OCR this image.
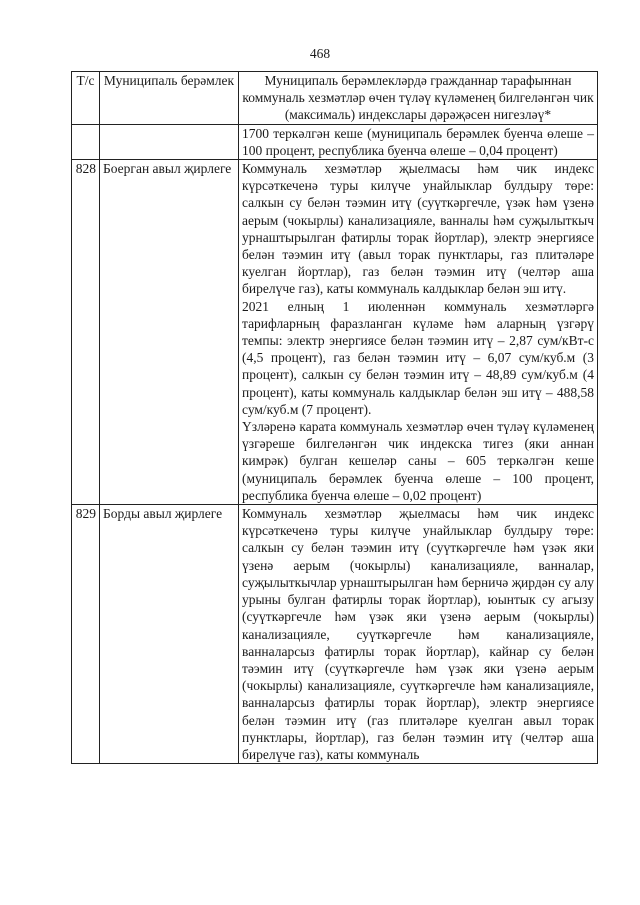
468
Т/с	Муниципаль берәмлек	Муниципаль берәмлекләрдә гражданнар тарафыннан коммуналь хезмәтләр өчен түләү күләменең билгеләнгән чик (максималь) индекслары дәрәҗәсен нигезләү*

		1700 теркәлгән кеше (муниципаль берәмлек буенча өлеше – 100 процент, республика буенча өлеше – 0,04 процент)

828	Боерган авыл җирлеге	Коммуналь хезмәтләр җыелмасы һәм чик индекс күрсәткеченә туры килүче унайлыклар булдыру төре: салкын су белән тәэмин итү (суүткәргечле, үзәк һәм үзенә аерым (чокырлы) канализацияле, ванналы һәм суҗылыткыч урнаштырылган фатирлы торак йортлар), электр энергиясе белән тәэмин итү (авыл торак пунктлары, газ плитәләре куелган йортлар), газ белән тәэмин итү (челтәр аша бирелүче газ), каты коммуналь калдыклар белән эш итү.
2021 елның 1 июленнән коммуналь хезмәтләргә тарифларның фаразланган күләме һәм аларның үзгәрү темпы: электр энергиясе белән тәэмин итү – 2,87 сум/кВт-с (4,5 процент), газ белән тәэмин итү – 6,07 сум/куб.м (3 процент), салкын су белән тәэмин итү – 48,89 сум/куб.м (4 процент), каты коммуналь калдыклар белән эш итү – 488,58 сум/куб.м (7 процент).
Үзләренә карата коммуналь хезмәтләр өчен түләү күләменең үзгәреше билгеләнгән чик индекска тигез (яки аннан кимрәк) булган кешеләр саны – 605 теркәлгән кеше (муниципаль берәмлек буенча өлеше – 100 процент, республика буенча өлеше – 0,02 процент)

829	Борды авыл җирлеге	Коммуналь хезмәтләр җыелмасы һәм чик индекс күрсәткеченә туры килүче унайлыклар булдыру төре: салкын су белән тәэмин итү (суүткәргечле һәм үзәк яки үзенә аерым (чокырлы) канализацияле, ванналар, суҗылыткычлар урнаштырылган һәм берничә җирдән су алу урыны булган фатирлы торак йортлар), юынтык су агызу (суүткәргечле һәм үзәк яки үзенә аерым (чокырлы) канализацияле, суүткәргечле һәм канализацияле, ванналарсыз фатирлы торак йортлар), кайнар су белән тәэмин итү (суүткәргечле һәм үзәк яки үзенә аерым (чокырлы) канализацияле, суүткәргечле һәм канализацияле, ванналарсыз фатирлы торак йортлар), электр энергиясе белән тәэмин итү (газ плитәләре куелган авыл торак пунктлары, йортлар), газ белән тәэмин итү (челтәр аша бирелүче газ), каты коммуналь
